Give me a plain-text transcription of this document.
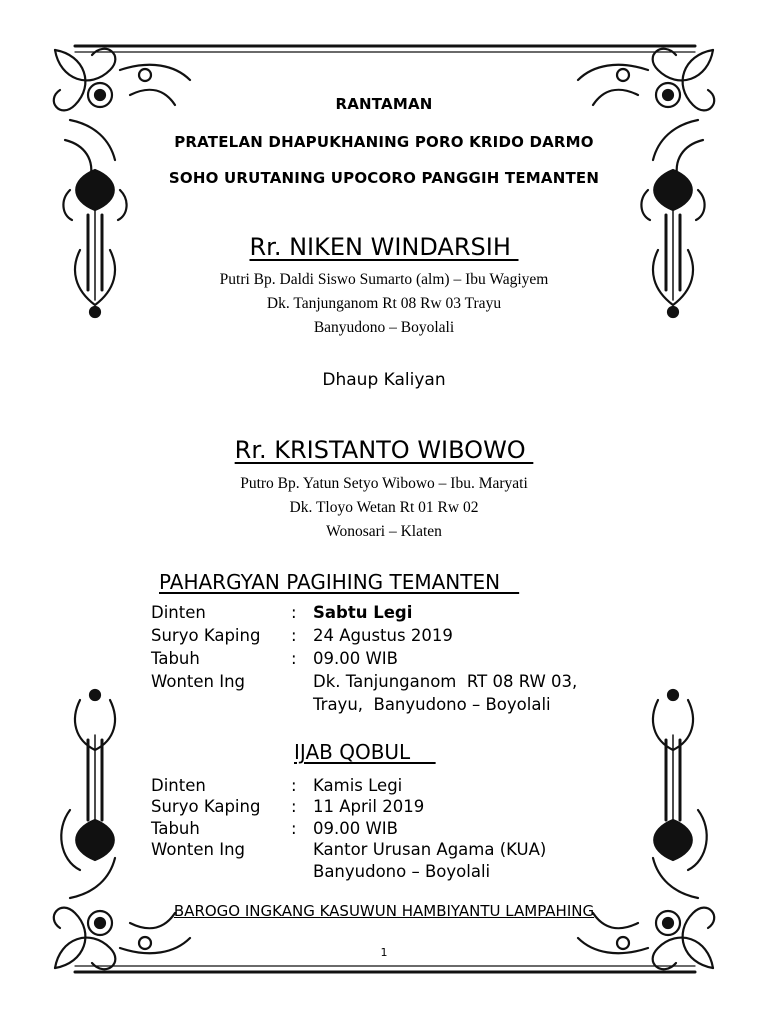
RANTAMAN
PRATELAN DHAPUKHANING PORO KRIDO DARMO
SOHO URUTANING UPOCORO PANGGIH TEMANTEN
Rr. NIKEN WINDARSIH
Putri Bp. Daldi Siswo Sumarto (alm) – Ibu Wagiyem
Dk. Tanjunganom Rt 08 Rw 03 Trayu
Banyudono – Boyolali
Dhaup Kaliyan
Rr. KRISTANTO WIBOWO
Putro Bp. Yatun Setyo Wibowo – Ibu. Maryati
Dk. Tloyo Wetan Rt 01 Rw 02
Wonosari – Klaten
PAHARGYAN PAGIHING TEMANTEN
Dinten	: Sabtu Legi
Suryo Kaping : 24 Agustus 2019
Tabuh	: 09.00 WIB
Wonten Ing	Dk. Tanjunganom  RT 08 RW 03,
Trayu,  Banyudono – Boyolali
IJAB QOBUL
Dinten	: Kamis Legi
Suryo Kaping : 11 April 2019
Tabuh	: 09.00 WIB
Wonten Ing	Kantor Urusan Agama (KUA)
Banyudono – Boyolali
BAROGO INGKANG KASUWUN HAMBIYANTU LAMPAHING
1
